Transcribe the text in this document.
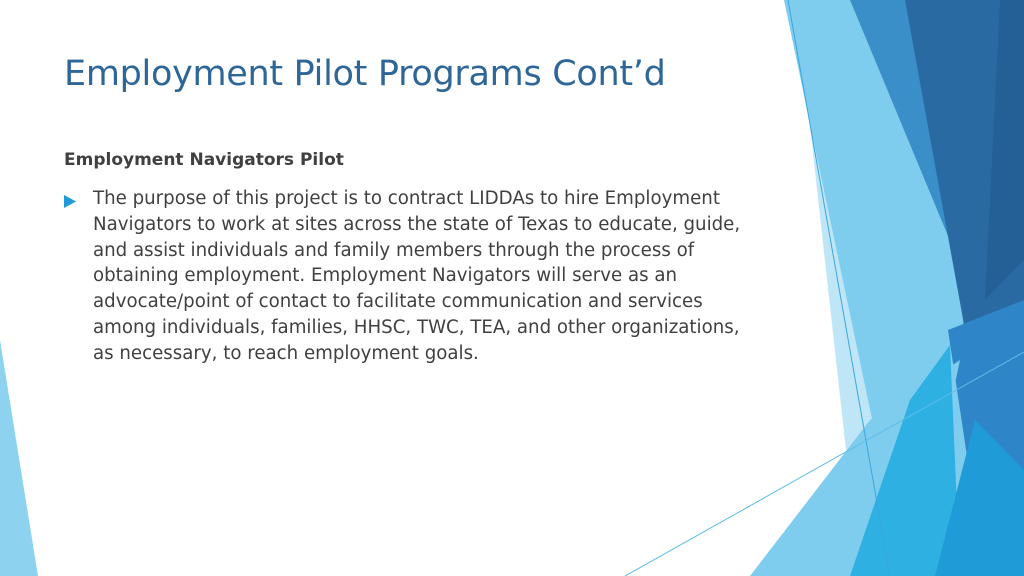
Employment Pilot Programs Cont’d
Employment Navigators Pilot

The purpose of this project is to contract LIDDAs to hire Employment Navigators to work at sites across the state of Texas to educate, guide, and assist individuals and family members through the process of obtaining employment. Employment Navigators will serve as an advocate/point of contact to facilitate communication and services among individuals, families, HHSC, TWC, TEA, and other organizations, as necessary, to reach employment goals.
